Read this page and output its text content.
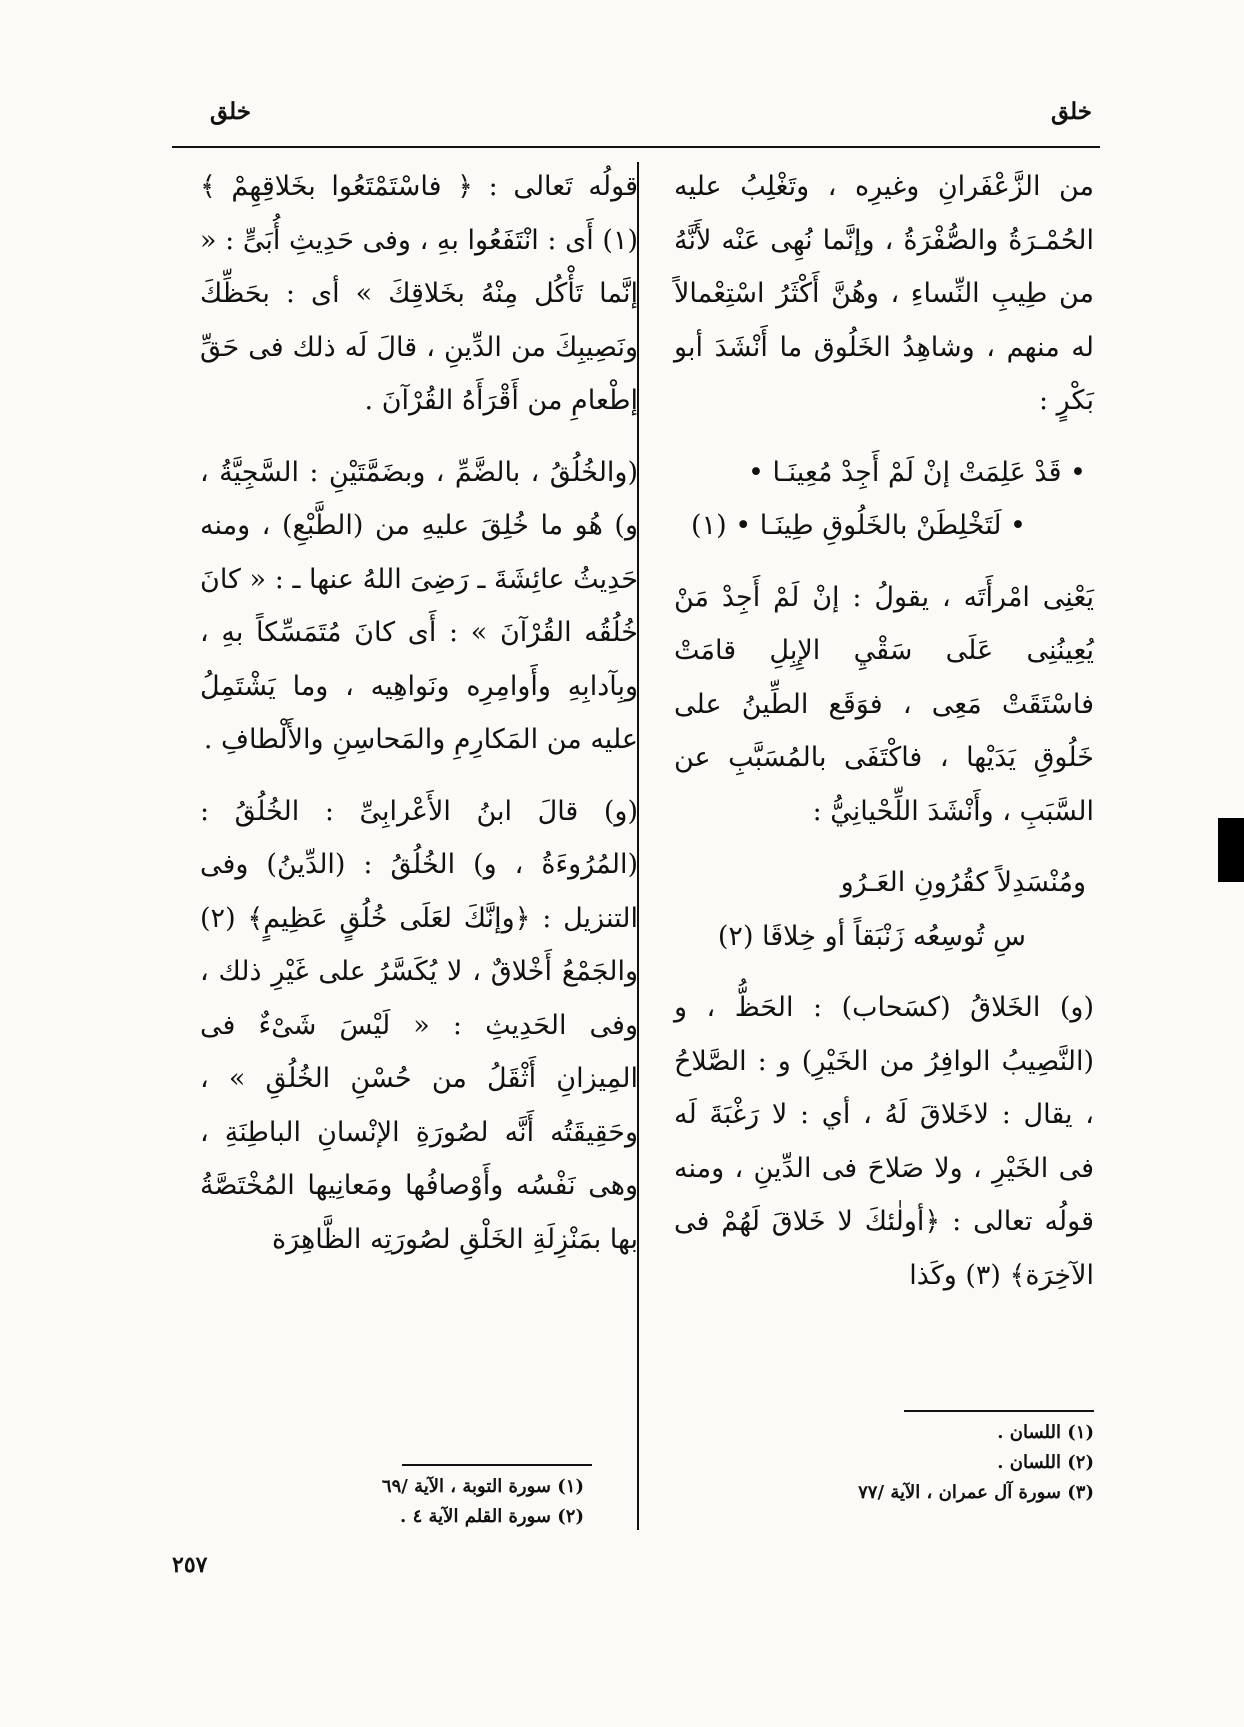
خلق
خلق

من الزَّعْفَرانِ وغيرِه ، وتَغْلِبُ عليه الحُمْـرَةُ والصُّفْرَةُ ، وإنَّما نُهِى عَنْه لأَنَّهُ من طِيبِ النِّساءِ ، وهُنَّ أَكْثَرُ اسْتِعْمالاً له منهم ، وشاهِدُ الخَلُوق ما أَنْشَدَ أبو بَكْرٍ :

• قَدْ عَلِمَتْ إنْ لَمْ أَجِدْ مُعِينَـا •
• لَتَخْلِطَنْ بالخَلُوقِ طِينَـا • (١)

يَعْنِى امْرأَتَه ، يقولُ : إنْ لَمْ أَجِدْ مَنْ يُعِينُنِى عَلَى سَقْيِ الإِبِلِ قامَتْ فاسْتَقَتْ مَعِى ، فوَقَع الطِّينُ على خَلُوقِ يَدَيْها ، فاكْتَفَى بالمُسَبَّبِ عن السَّبَبِ ، وأَنْشَدَ اللِّحْيانِيُّ :

ومُنْسَدِلاً كقُرُونِ العَـرُو
سِ تُوسِعُه زَنْبَقاً أو خِلاقَا (٢)

(و) الخَلاقُ (كسَحاب) : الحَظُّ ، و (النَّصِيبُ الوافِرُ من الخَيْرِ) و : الصَّلاحُ ، يقال : لاخَلاقَ لَهُ ، أي : لا رَغْبَةَ لَه فى الخَيْرِ ، ولا صَلاحَ فى الدِّينِ ، ومنه قولُه تعالى : ﴿أولٰئكَ لا خَلاقَ لَهُمْ فى الآخِرَة﴾ (٣) وكَذا

قولُه تَعالى : ﴿ فاسْتَمْتَعُوا بخَلاقِهِمْ ﴾ (١) أَى : انْتَفَعُوا بهِ ، وفى حَدِيثِ أُبَىٍّ : « إنَّما تَأْكُل مِنْهُ بخَلاقِكَ » أى : بحَظِّكَ ونَصِيبِكَ من الدِّينِ ، قالَ لَه ذلك فى حَقِّ إطْعامِ من أَقْرَأَهُ القُرْآنَ .

(والخُلُقُ ، بالضَّمِّ ، وبضَمَّتَيْنِ : السَّجِيَّةُ ، و) هُو ما خُلِقَ عليهِ من (الطَّبْعِ) ، ومنه حَدِيثُ عائِشَةَ ـ رَضِىَ اللهُ عنها ـ : « كانَ خُلُقُه القُرْآنَ » : أَى كانَ مُتَمَسِّكاً بهِ ، وبِآدابِهِ وأَوامِرِه ونَواهِيه ، وما يَشْتَمِلُ عليه من المَكارِمِ والمَحاسِنِ والأَلْطافِ .

(و) قالَ ابنُ الأَعْرابِىِّ : الخُلُقُ : (المُرُوءَةُ ، و) الخُلُقُ : (الدِّينُ) وفى التنزيل : ﴿وإنَّكَ لعَلَى خُلُقٍ عَظِيمٍ﴾ (٢) والجَمْعُ أَخْلاقٌ ، لا يُكَسَّرُ على غَيْرِ ذلك ، وفى الحَدِيثِ : « لَيْسَ شَىْءٌ فى المِيزانِ أَثْقَلُ من حُسْنِ الخُلُقِ » ، وحَقِيقَتُه أَنَّه لصُورَةِ الإنْسانِ الباطِنَةِ ، وهى نَفْسُه وأَوْصافُها ومَعانِيها المُخْتَصَّةُ بها بمَنْزِلَةِ الخَلْقِ لصُورَتِه الظَّاهِرَة

(١) اللسان .
(٢) اللسان .
(٣) سورة آل عمران ، الآية /٧٧
(١) سورة التوبة ، الآية /٦٩
(٢) سورة القلم الآية ٤ .
٢٥٧
